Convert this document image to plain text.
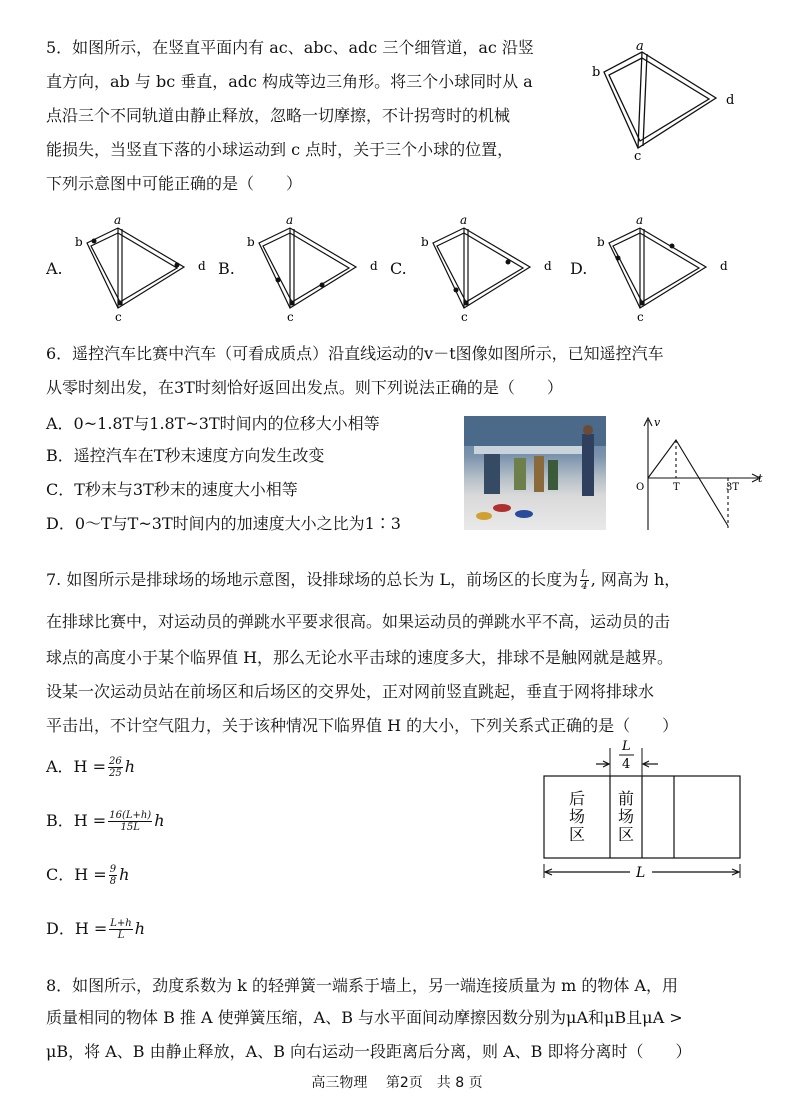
5．如图所示，在竖直平面内有 ac、abc、adc 三个细管道，ac 沿竖
直方向，ab 与 bc 垂直，adc 构成等边三角形。将三个小球同时从 a
点沿三个不同轨道由静止释放，忽略一切摩擦，不计拐弯时的机械
能损失，当竖直下落的小球运动到 c 点时，关于三个小球的位置，
下列示意图中可能正确的是（　　）
a
b
c
d
A.	B.	C.	D.
a
b
c
d
a
b
c
d
a
b
c
d
a
b
c
d
6．遥控汽车比赛中汽车（可看成质点）沿直线运动的v－t图像如图所示，已知遥控汽车
从零时刻出发，在3T时刻恰好返回出发点。则下列说法正确的是（　　）
A．0~1.8T与1.8T~3T时间内的位移大小相等
B．遥控汽车在T秒末速度方向发生改变
C．T秒末与3T秒末的速度大小相等
D．0～T与T~3T时间内的加速度大小之比为1∶3
v
t
O	T	3T
7. 如图所示是排球场的场地示意图，设排球场的总长为 L，前场区的长度为 $\frac{L}{4}$ , 网高为 h，
在排球比赛中，对运动员的弹跳水平要求很高。如果运动员的弹跳水平不高，运动员的击
球点的高度小于某个临界值 H，那么无论水平击球的速度多大，排球不是触网就是越界。
设某一次运动员站在前场区和后场区的交界处，正对网前竖直跳起，垂直于网将排球水
平击出，不计空气阻力，关于该种情况下临界值 H 的大小，下列关系式正确的是（　　）
A．$H = \frac{26}{25}$ h
B．$H = \frac{16(L+h)}{15L}$ h
C．$H = \frac{9}{8}$ h
D．$H = \frac{L+h}{L}$ h
L
4
后
场
区
前
场
区
L
8．如图所示，劲度系数为 k 的轻弹簧一端系于墙上，另一端连接质量为 m 的物体 A，用
质量相同的物体 B 推 A 使弹簧压缩，A、B 与水平面间动摩擦因数分别为μA和μB且μA >
μB，将 A、B 由静止释放，A、B 向右运动一段距离后分离，则 A、B 即将分离时（　　）
高三物理　 第2页　共 8 页
